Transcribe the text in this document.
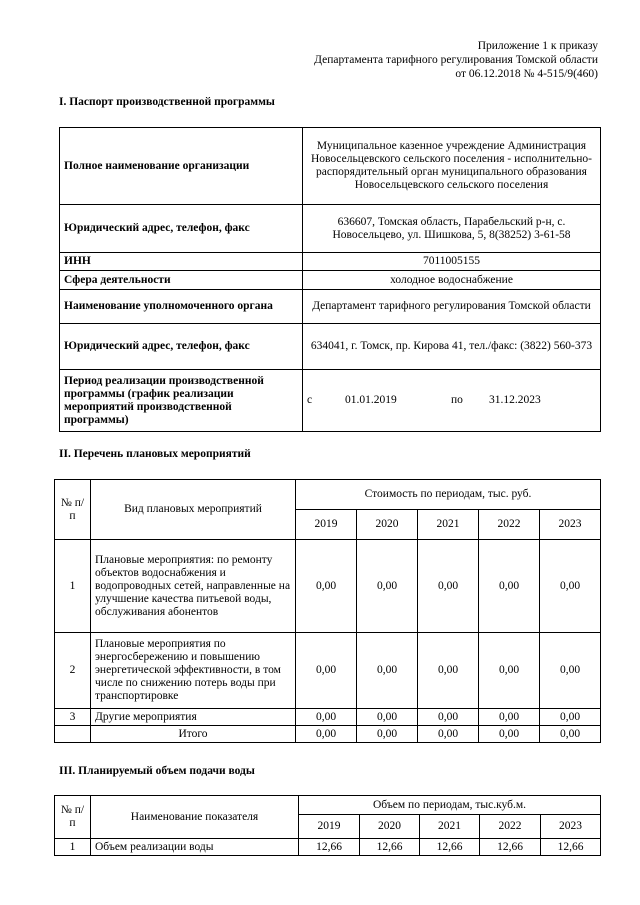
Приложение 1 к приказу
Департамента тарифного регулирования Томской области
от 06.12.2018 № 4-515/9(460)
I. Паспорт производственной программы
Полное наименование организации	Муниципальное казенное учреждение Администрация Новосельцевского сельского поселения - исполнительно-распорядительный орган муниципального образования Новосельцевского сельского поселения
Юридический адрес, телефон, факс	636607, Томская область, Парабельский р-н, с. Новосельцево, ул. Шишкова, 5, 8(38252) 3-61-58
ИНН	7011005155
Сфера деятельности	холодное водоснабжение
Наименование уполномоченного органа	Департамент тарифного регулирования Томской области
Юридический адрес, телефон, факс	634041, г. Томск, пр. Кирова 41, тел./факс: (3822) 560-373
Период реализации производственной программы (график реализации мероприятий производственной программы)	с 01.01.2019 по 31.12.2023
II. Перечень плановых мероприятий
№ п/п	Вид плановых мероприятий	Стоимость по периодам, тыс. руб.				
		2019	2020	2021	2022	2023
1	Плановые мероприятия: по ремонту объектов водоснабжения и водопроводных сетей, направленные на улучшение качества питьевой воды, обслуживания абонентов	0,00	0,00	0,00	0,00	0,00
2	Плановые мероприятия по энергосбережению и повышению энергетической эффективности, в том числе по снижению потерь воды при транспортировке	0,00	0,00	0,00	0,00	0,00
3	Другие мероприятия	0,00	0,00	0,00	0,00	0,00
	Итого	0,00	0,00	0,00	0,00	0,00
III. Планируемый объем подачи воды
№ п/п	Наименование показателя	Объем по периодам, тыс.куб.м.				
		2019	2020	2021	2022	2023
1	Объем реализации воды	12,66	12,66	12,66	12,66	12,66
